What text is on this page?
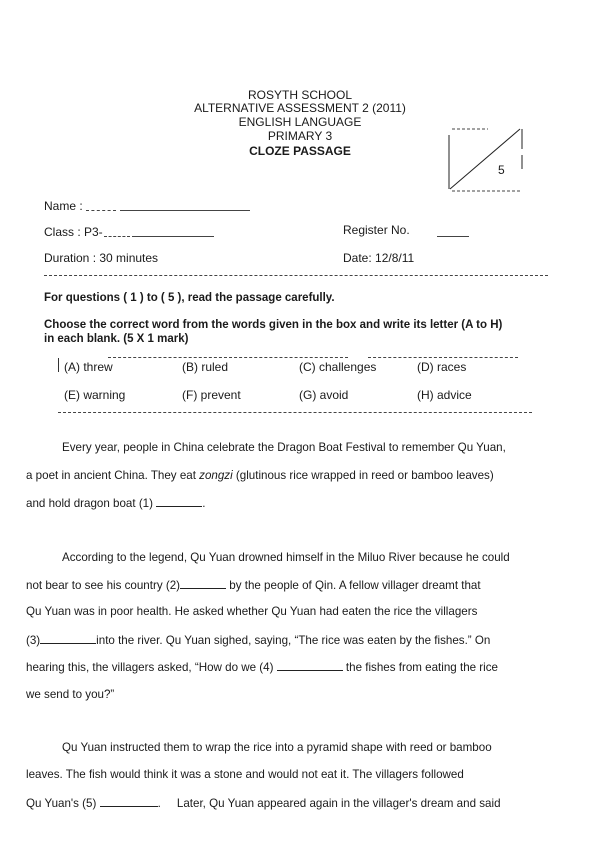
ROSYTH SCHOOL
ALTERNATIVE ASSESSMENT 2 (2011)
ENGLISH LANGUAGE
PRIMARY 3
CLOZE PASSAGE
5
Name :
Class : P3-	Register No.
Duration : 30 minutes	Date: 12/8/11
For questions ( 1 ) to ( 5 ), read the passage carefully.
Choose the correct word from the words given in the box and write its letter (A to H)
in each blank. (5 X 1 mark)
(A) threw	(B) ruled	(C) challenges	(D) races
(E) warning	(F) prevent	(G) avoid	(H) advice
Every year, people in China celebrate the Dragon Boat Festival to remember Qu Yuan,
a poet in ancient China. They eat zongzi (glutinous rice wrapped in reed or bamboo leaves)
and hold dragon boat (1)	.
According to the legend, Qu Yuan drowned himself in the Miluo River because he could
not bear to see his country (2)	by the people of Qin. A fellow villager dreamt that
Qu Yuan was in poor health. He asked whether Qu Yuan had eaten the rice the villagers
(3)	into the river. Qu Yuan sighed, saying, “The rice was eaten by the fishes.” On
hearing this, the villagers asked, “How do we (4)	the fishes from eating the rice
we send to you?”
Qu Yuan instructed them to wrap the rice into a pyramid shape with reed or bamboo
leaves. The fish would think it was a stone and would not eat it. The villagers followed
Qu Yuan's (5)	.     Later, Qu Yuan appeared again in the villager's dream and said
